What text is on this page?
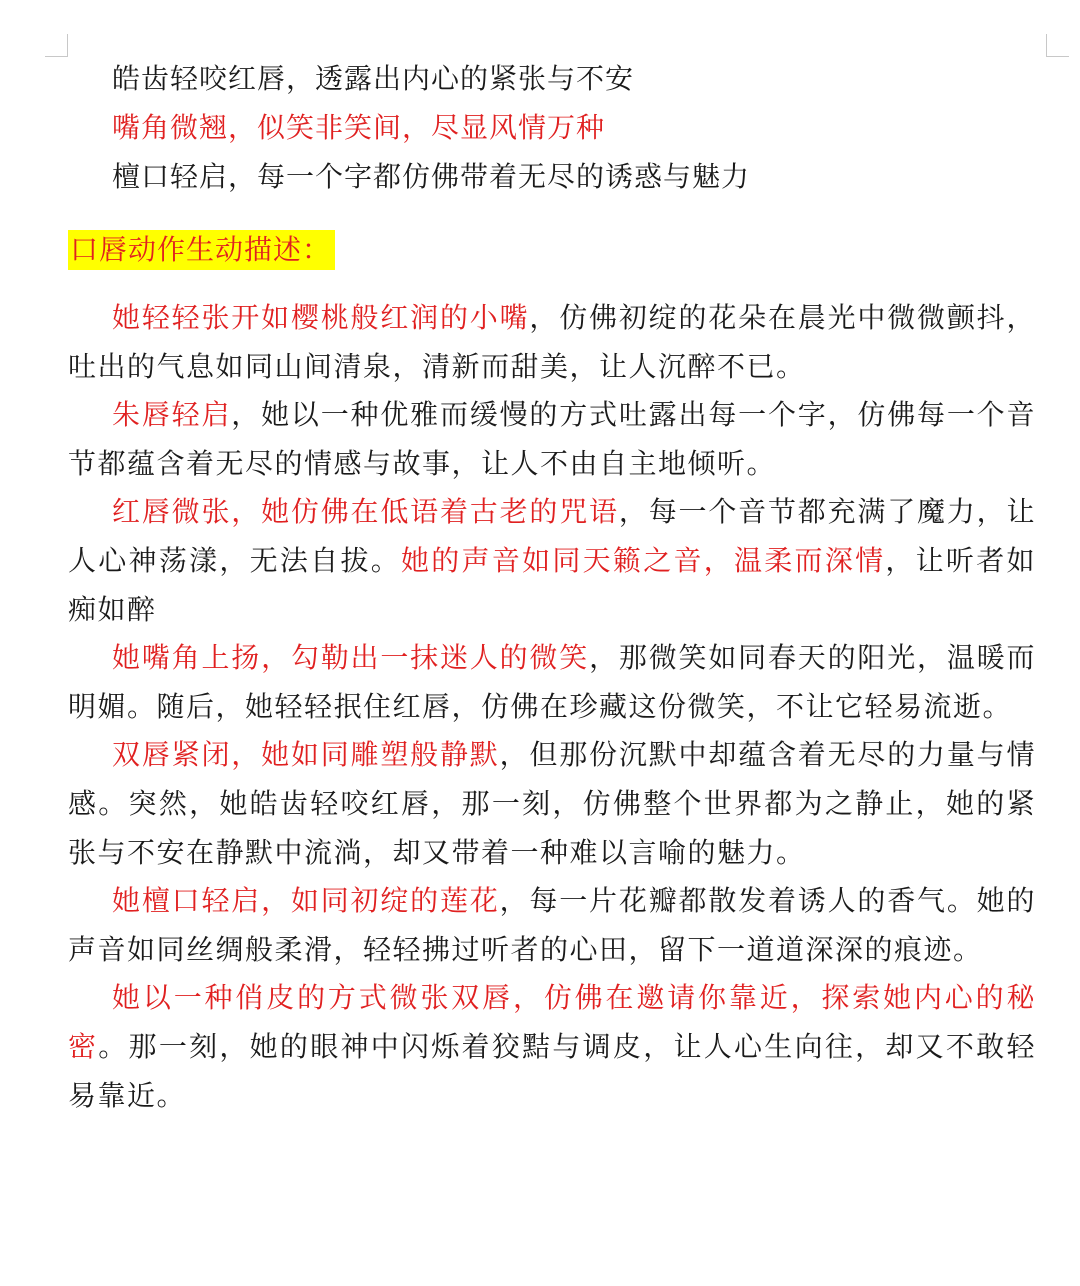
皓齿轻咬红唇，透露出内心的紧张与不安
嘴角微翘，似笑非笑间，尽显风情万种
檀口轻启，每一个字都仿佛带着无尽的诱惑与魅力
口唇动作生动描述：

她轻轻张开如樱桃般红润的小嘴，仿佛初绽的花朵在晨光中微微颤抖，吐出的气息如同山间清泉，清新而甜美，让人沉醉不已。

朱唇轻启，她以一种优雅而缓慢的方式吐露出每一个字，仿佛每一个音节都蕴含着无尽的情感与故事，让人不由自主地倾听。

红唇微张，她仿佛在低语着古老的咒语，每一个音节都充满了魔力，让人心神荡漾，无法自拔。她的声音如同天籁之音，温柔而深情，让听者如痴如醉

她嘴角上扬，勾勒出一抹迷人的微笑，那微笑如同春天的阳光，温暖而明媚。随后，她轻轻抿住红唇，仿佛在珍藏这份微笑，不让它轻易流逝。

双唇紧闭，她如同雕塑般静默，但那份沉默中却蕴含着无尽的力量与情感。突然，她皓齿轻咬红唇，那一刻，仿佛整个世界都为之静止，她的紧张与不安在静默中流淌，却又带着一种难以言喻的魅力。

她檀口轻启，如同初绽的莲花，每一片花瓣都散发着诱人的香气。她的声音如同丝绸般柔滑，轻轻拂过听者的心田，留下一道道深深的痕迹。

她以一种俏皮的方式微张双唇，仿佛在邀请你靠近，探索她内心的秘密。那一刻，她的眼神中闪烁着狡黠与调皮，让人心生向往，却又不敢轻易靠近。
